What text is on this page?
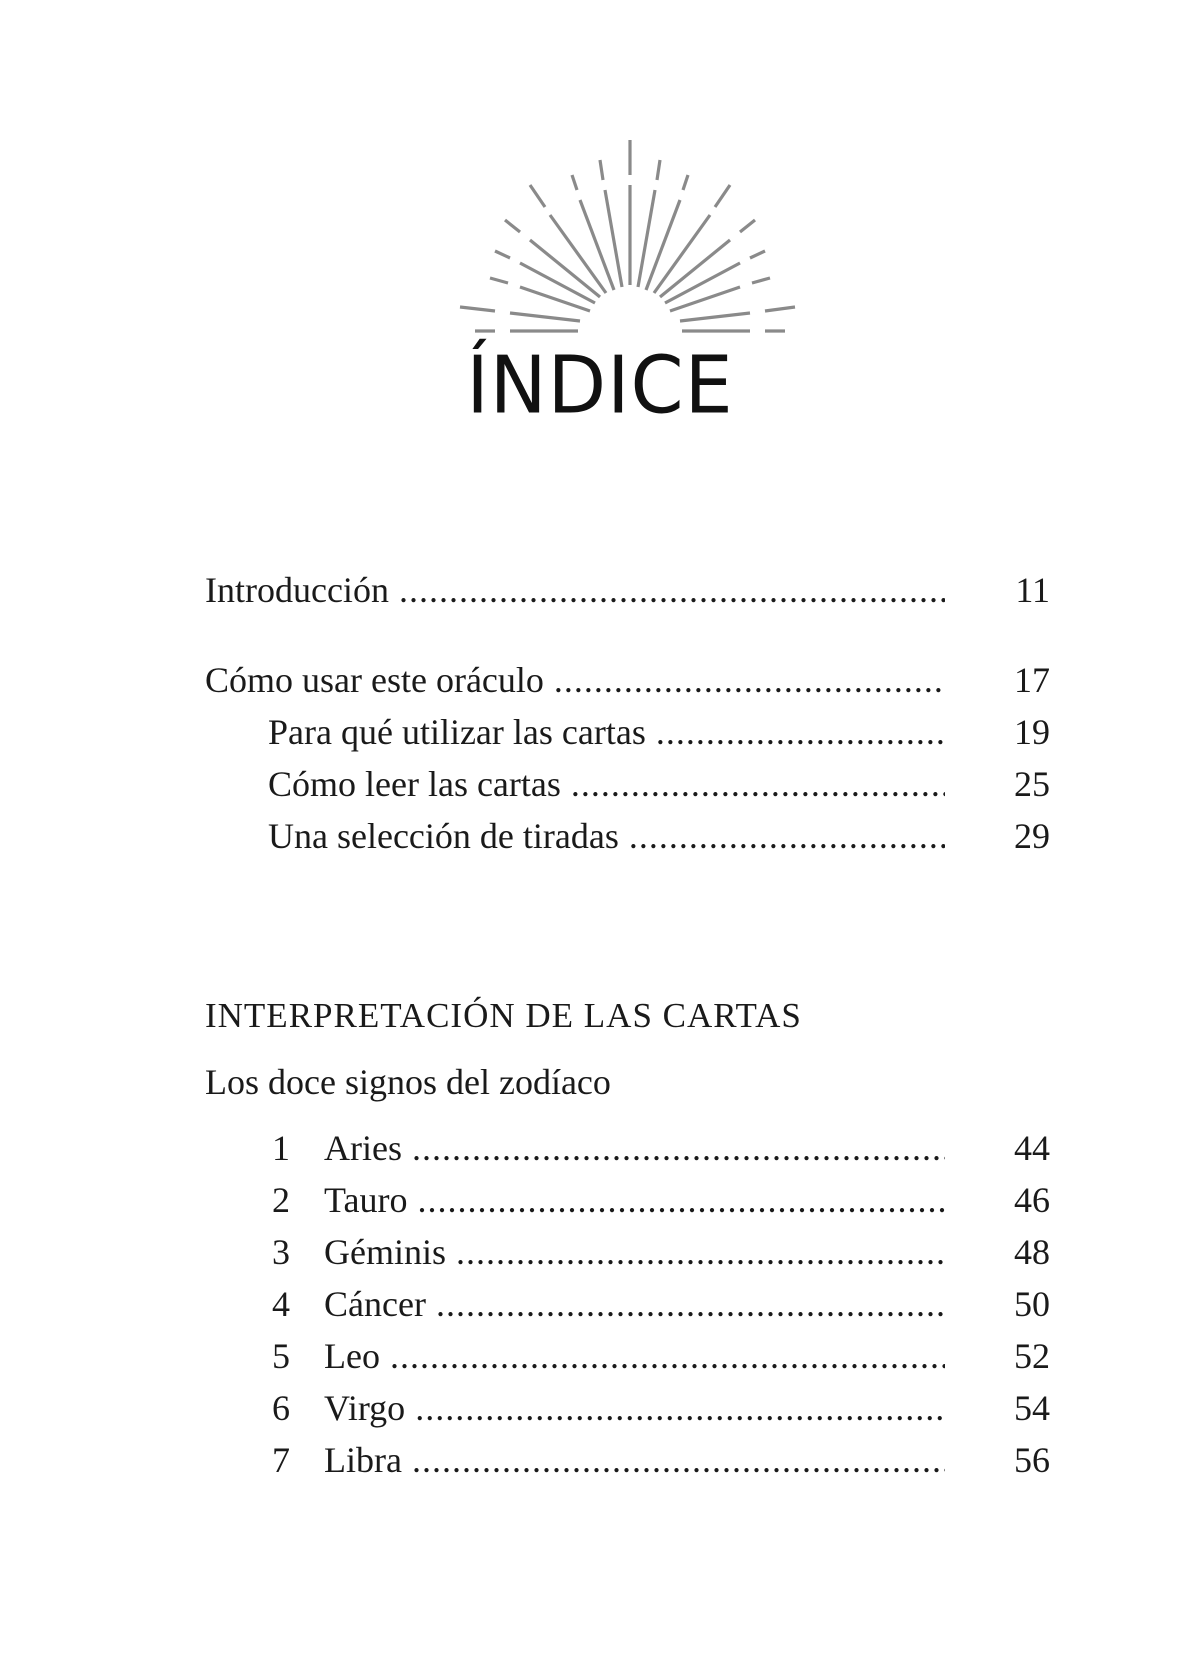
ÍNDICE
Introducción .....	11
Cómo usar este oráculo .....	17
Para qué utilizar las cartas .....	19
Cómo leer las cartas .....	25
Una selección de tiradas .....	29
INTERPRETACIÓN DE LAS CARTAS
Los doce signos del zodíaco
1 Aries .....	44
2 Tauro .....	46
3 Géminis .....	48
4 Cáncer .....	50
5 Leo .....	52
6 Virgo .....	54
7 Libra .....	56
